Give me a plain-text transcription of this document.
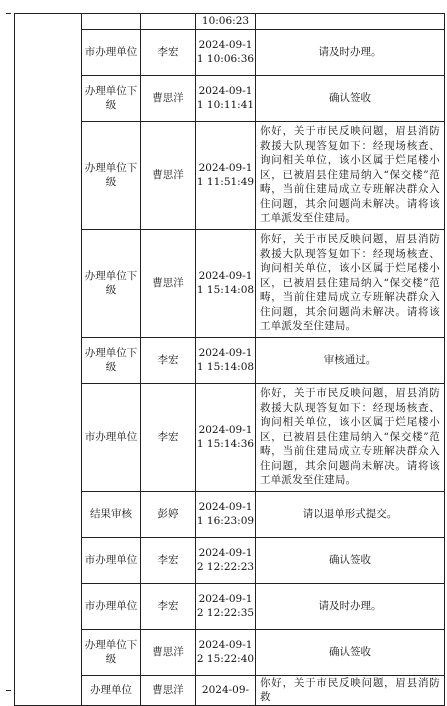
			10:06:23	
	市办理单位	李宏	2024-09-11 10:06:36	请及时办理。
	办理单位下级	曹思洋	2024-09-11 10:11:41	确认签收
	办理单位下级	曹思洋	2024-09-11 11:51:49	你好，关于市民反映问题，眉县消防救援大队现答复如下：经现场核查、询问相关单位，该小区属于烂尾楼小区，已被眉县住建局纳入“保交楼”范畴，当前住建局成立专班解决群众入住问题，其余问题尚未解决。请将该工单派发至住建局。
	办理单位下级	曹思洋	2024-09-11 15:14:08	你好，关于市民反映问题，眉县消防救援大队现答复如下：经现场核查、询问相关单位，该小区属于烂尾楼小区，已被眉县住建局纳入“保交楼”范畴，当前住建局成立专班解决群众入住问题，其余问题尚未解决。请将该工单派发至住建局。
	办理单位下级	李宏	2024-09-11 15:14:08	审核通过。
	市办理单位	李宏	2024-09-11 15:14:36	你好，关于市民反映问题，眉县消防救援大队现答复如下：经现场核查、询问相关单位，该小区属于烂尾楼小区，已被眉县住建局纳入“保交楼”范畴，当前住建局成立专班解决群众入住问题，其余问题尚未解决。请将该工单派发至住建局。
	结果审核	彭婷	2024-09-11 16:23:09	请以退单形式提交。
	市办理单位	李宏	2024-09-12 12:22:23	确认签收
	市办理单位	李宏	2024-09-12 12:22:35	请及时办理。
	办理单位下级	曹思洋	2024-09-12 15:22:40	确认签收
	办理单位	曹思洋	2024-09-	你好，关于市民反映问题，眉县消防救
